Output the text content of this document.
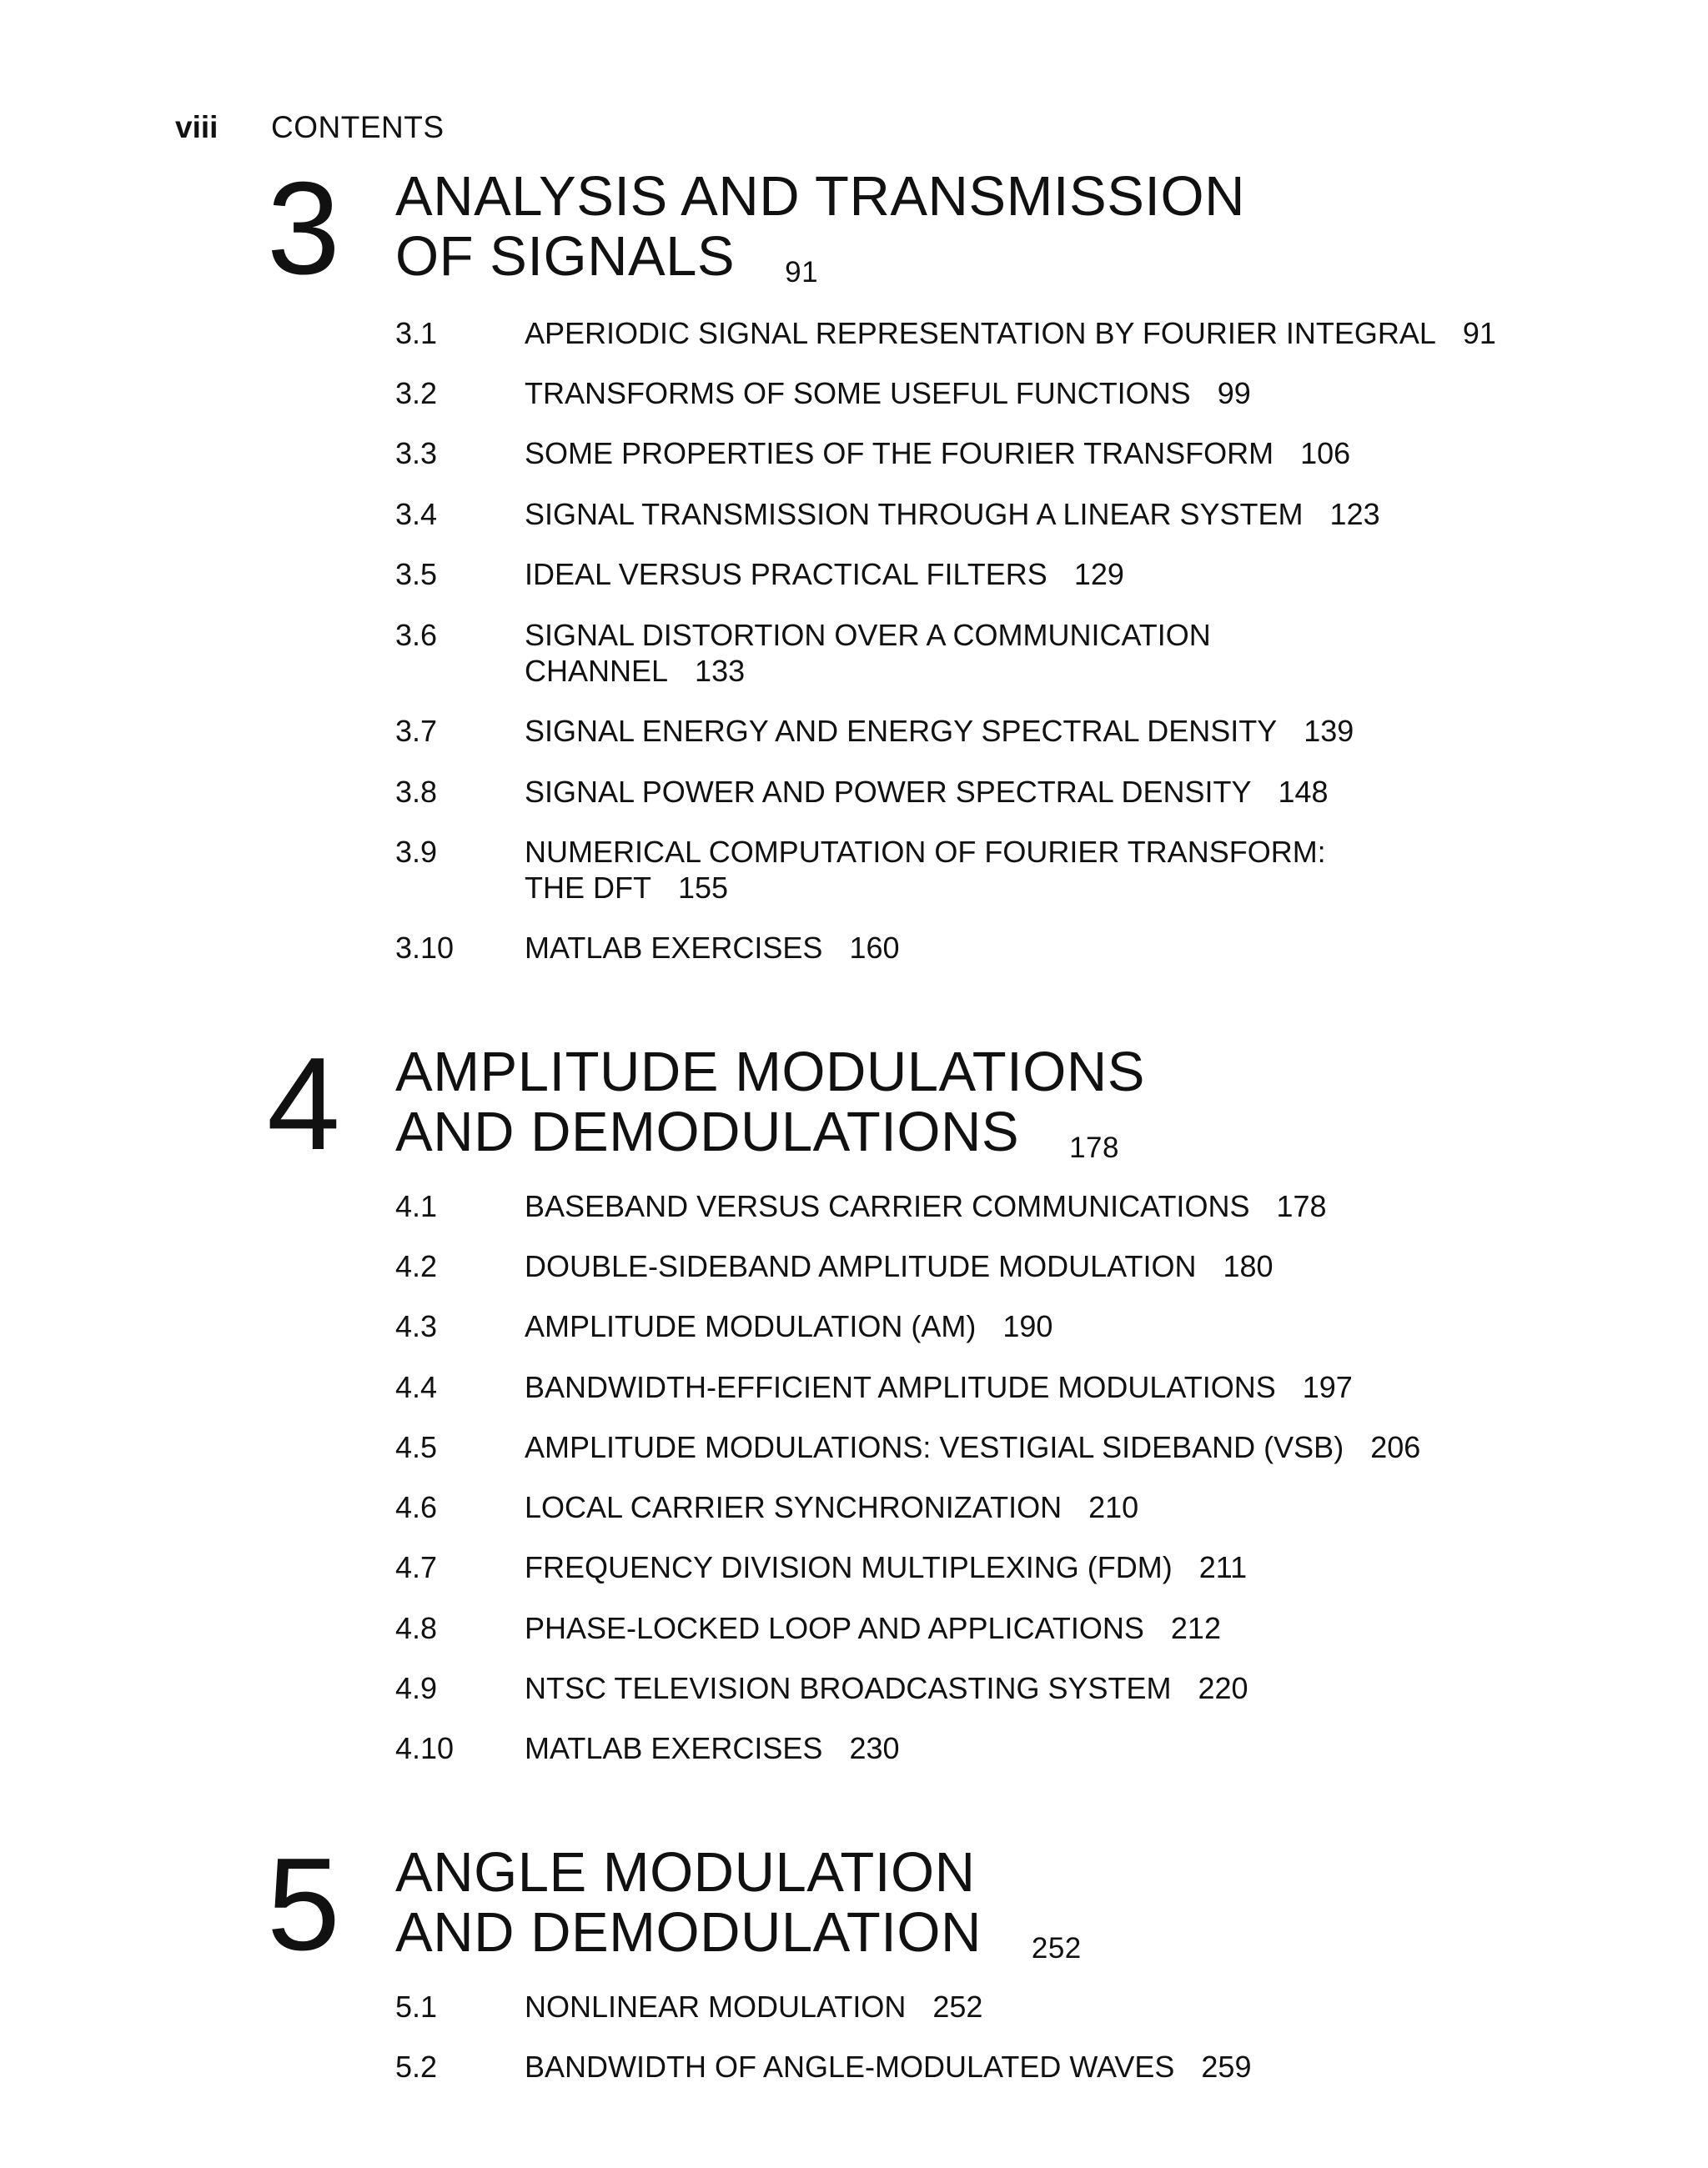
viii	CONTENTS
3 ANALYSIS AND TRANSMISSION
OF SIGNALS 91
3.1	APERIODIC SIGNAL REPRESENTATION BY FOURIER INTEGRAL 91
3.2	TRANSFORMS OF SOME USEFUL FUNCTIONS 99
3.3	SOME PROPERTIES OF THE FOURIER TRANSFORM 106
3.4	SIGNAL TRANSMISSION THROUGH A LINEAR SYSTEM 123
3.5	IDEAL VERSUS PRACTICAL FILTERS 129
3.6	SIGNAL DISTORTION OVER A COMMUNICATION
CHANNEL 133
3.7	SIGNAL ENERGY AND ENERGY SPECTRAL DENSITY 139
3.8	SIGNAL POWER AND POWER SPECTRAL DENSITY 148
3.9	NUMERICAL COMPUTATION OF FOURIER TRANSFORM:
THE DFT 155
3.10 MATLAB EXERCISES 160
4 AMPLITUDE MODULATIONS
AND DEMODULATIONS 178
4.1	BASEBAND VERSUS CARRIER COMMUNICATIONS 178
4.2	DOUBLE-SIDEBAND AMPLITUDE MODULATION 180
4.3	AMPLITUDE MODULATION (AM) 190
4.4	BANDWIDTH-EFFICIENT AMPLITUDE MODULATIONS 197
4.5	AMPLITUDE MODULATIONS: VESTIGIAL SIDEBAND (VSB) 206
4.6	LOCAL CARRIER SYNCHRONIZATION 210
4.7	FREQUENCY DIVISION MULTIPLEXING (FDM) 211
4.8	PHASE-LOCKED LOOP AND APPLICATIONS 212
4.9	NTSC TELEVISION BROADCASTING SYSTEM 220
4.10 MATLAB EXERCISES 230
5 ANGLE MODULATION
AND DEMODULATION 252
5.1	NONLINEAR MODULATION 252
5.2	BANDWIDTH OF ANGLE-MODULATED WAVES 259
